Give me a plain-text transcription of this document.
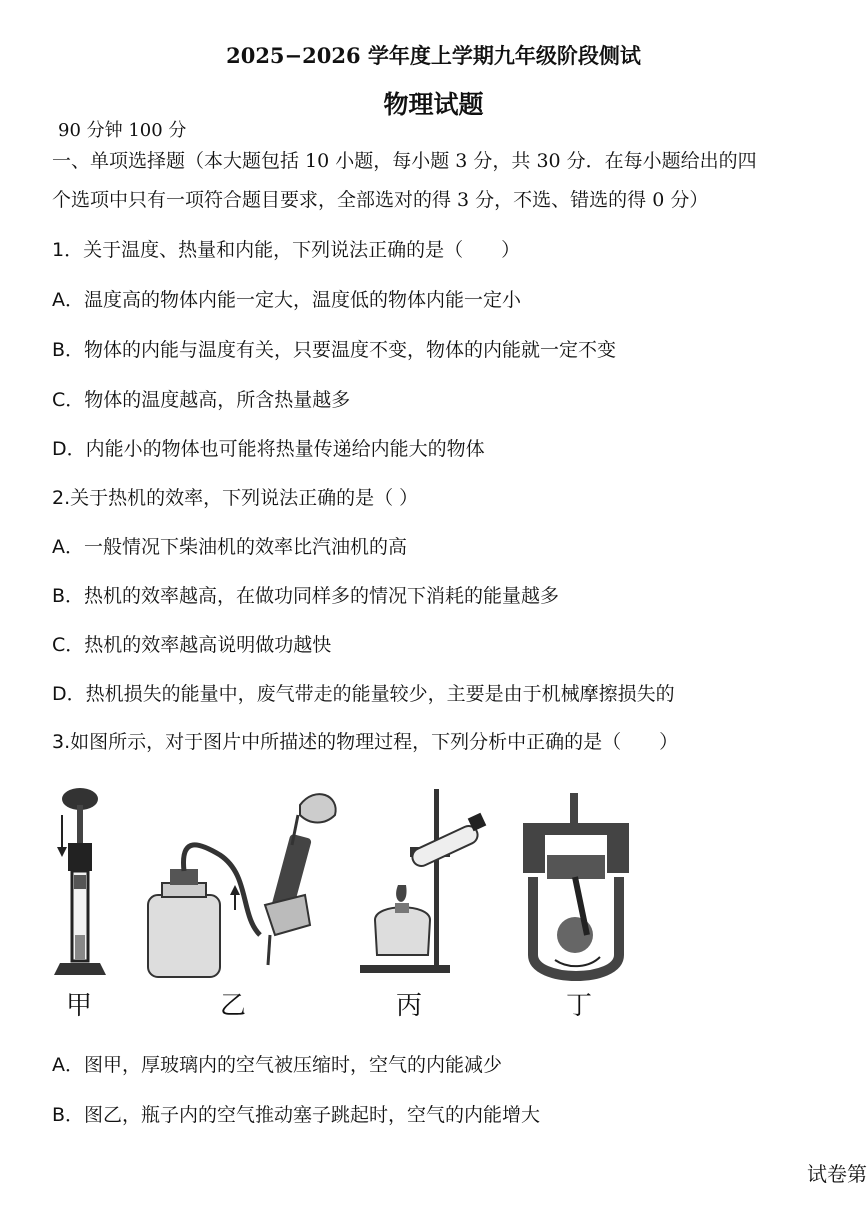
2025−2026 学年度上学期九年级阶段侧试
物理试题
90 分钟 100 分
一、单项选择题（本大题包括 10 小题，每小题 3 分，共 30 分．在每小题给出的四
个选项中只有一项符合题目要求，全部选对的得 3 分，不选、错选的得 0 分）
1．关于温度、热量和内能，下列说法正确的是（　　）
A．温度高的物体内能一定大，温度低的物体内能一定小
B．物体的内能与温度有关，只要温度不变，物体的内能就一定不变
C．物体的温度越高，所含热量越多
D．内能小的物体也可能将热量传递给内能大的物体
2.关于热机的效率，下列说法正确的是（ ）
A．一般情况下柴油机的效率比汽油机的高
B．热机的效率越高，在做功同样多的情况下消耗的能量越多
C．热机的效率越高说明做功越快
D．热机损失的能量中，废气带走的能量较少，主要是由于机械摩擦损失的
3.如图所示，对于图片中所描述的物理过程，下列分析中正确的是（　　）
甲	乙	丙	丁
A．图甲，厚玻璃内的空气被压缩时，空气的内能减少
B．图乙，瓶子内的空气推动塞子跳起时，空气的内能增大
试卷第
